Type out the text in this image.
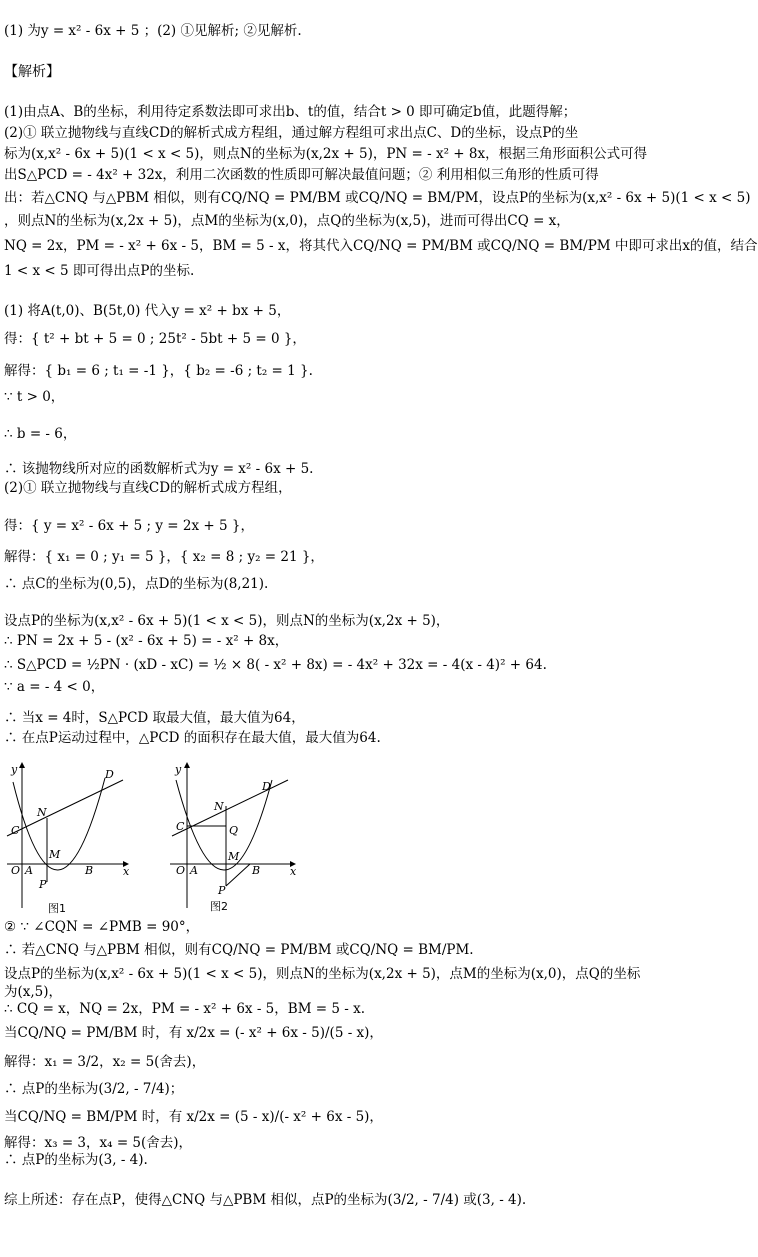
(1) 为y = x² - 6x + 5 ；(2) ①见解析; ②见解析.
【解析】
(1)由点A、B的坐标，利用待定系数法即可求出b、t的值，结合t > 0 即可确定b值，此题得解；
(2)① 联立抛物线与直线CD的解析式成方程组，通过解方程组可求出点C、D的坐标，设点P的坐
标为(x,x² - 6x + 5)(1 < x < 5)，则点N的坐标为(x,2x + 5)，PN = - x² + 8x，根据三角形面积公式可得
出S△PCD = - 4x² + 32x，利用二次函数的性质即可解决最值问题；② 利用相似三角形的性质可得
出：若△CNQ 与△PBM 相似，则有CQ/NQ = PM/BM 或CQ/NQ = BM/PM，设点P的坐标为(x,x² - 6x + 5)(1 < x < 5)
，则点N的坐标为(x,2x + 5)，点M的坐标为(x,0)，点Q的坐标为(x,5)，进而可得出CQ = x，
NQ = 2x，PM = - x² + 6x - 5，BM = 5 - x，将其代入CQ/NQ = PM/BM 或CQ/NQ = BM/PM 中即可求出x的值，结合
1 < x < 5 即可得出点P的坐标.
(1) 将A(t,0)、B(5t,0) 代入y = x² + bx + 5，
得：{ t² + bt + 5 = 0 ; 25t² - 5bt + 5 = 0 }，
解得：{ b₁ = 6 ; t₁ = -1 }，{ b₂ = -6 ; t₂ = 1 }.
∵ t > 0，
∴ b = - 6，
∴ 该抛物线所对应的函数解析式为y = x² - 6x + 5.
(2)① 联立抛物线与直线CD的解析式成方程组，
得：{ y = x² - 6x + 5 ; y = 2x + 5 }，
解得：{ x₁ = 0 ; y₁ = 5 }，{ x₂ = 8 ; y₂ = 21 }，
∴ 点C的坐标为(0,5)，点D的坐标为(8,21).
设点P的坐标为(x,x² - 6x + 5)(1 < x < 5)，则点N的坐标为(x,2x + 5)，
∴ PN = 2x + 5 - (x² - 6x + 5) = - x² + 8x，
∴ S△PCD = ½PN · (xD - xC) = ½ × 8( - x² + 8x) = - 4x² + 32x = - 4(x - 4)² + 64.
∵ a = - 4 < 0，
∴ 当x = 4时，S△PCD 取最大值，最大值为64，
∴ 在点P运动过程中，△PCD 的面积存在最大值，最大值为64.
y
x
D
N
C
M
O A	B
P
图1
y
x
D
N
Q
C
M
O A	B
P
图2
② ∵ ∠CQN = ∠PMB = 90°，
∴ 若△CNQ 与△PBM 相似，则有CQ/NQ = PM/BM 或CQ/NQ = BM/PM.
设点P的坐标为(x,x² - 6x + 5)(1 < x < 5)，则点N的坐标为(x,2x + 5)，点M的坐标为(x,0)，点Q的坐标
为(x,5)，
∴ CQ = x，NQ = 2x，PM = - x² + 6x - 5，BM = 5 - x.
当CQ/NQ = PM/BM 时，有 x/2x = (- x² + 6x - 5)/(5 - x)，
解得：x₁ = 3/2，x₂ = 5(舍去)，
∴ 点P的坐标为(3/2, - 7/4)；
当CQ/NQ = BM/PM 时，有 x/2x = (5 - x)/(- x² + 6x - 5)，
解得：x₃ = 3，x₄ = 5(舍去)，
∴ 点P的坐标为(3, - 4).
综上所述：存在点P，使得△CNQ 与△PBM 相似，点P的坐标为(3/2, - 7/4) 或(3, - 4).
